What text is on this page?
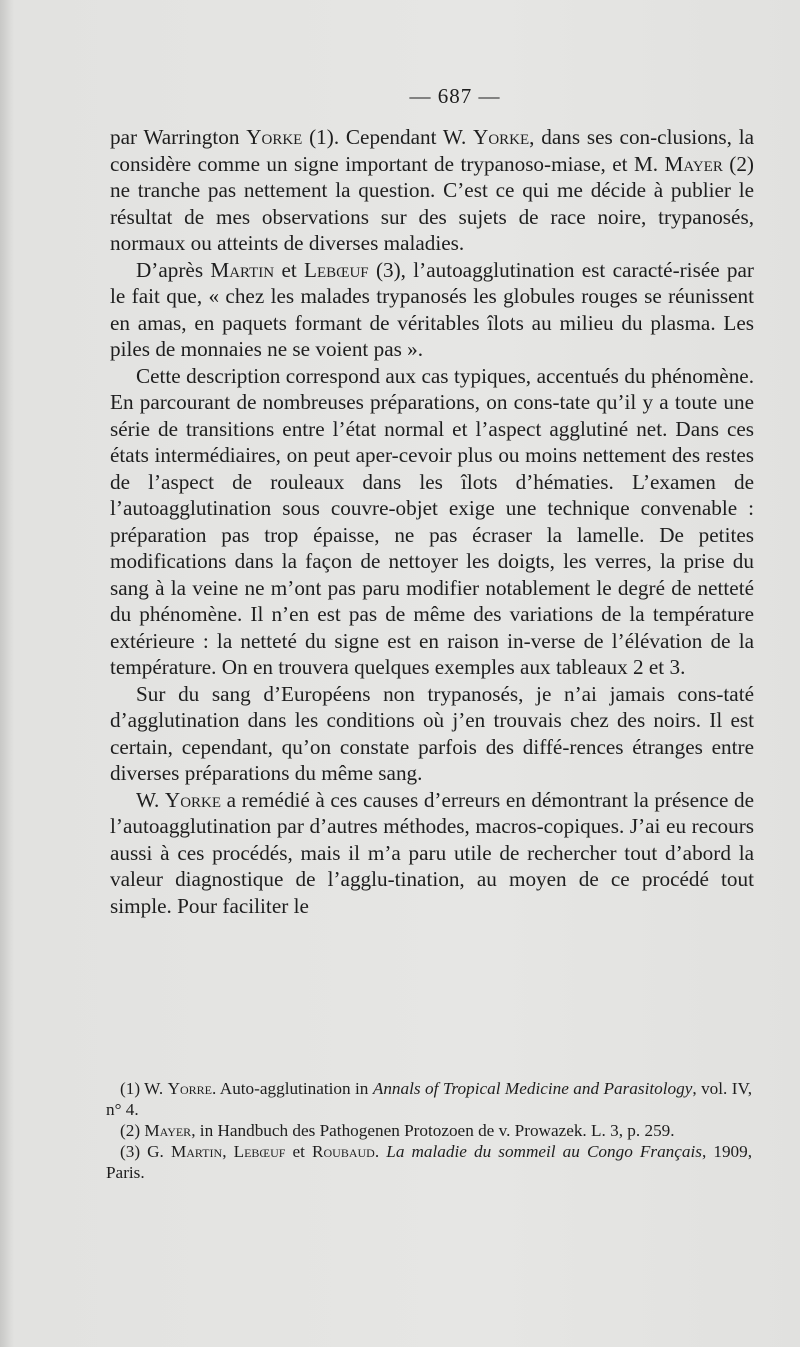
— 687 —

par Warrington Yorke (1). Cependant W. Yorke, dans ses con-clusions, la considère comme un signe important de trypanoso-miase, et M. Mayer (2) ne tranche pas nettement la question. C’est ce qui me décide à publier le résultat de mes observations sur des sujets de race noire, trypanosés, normaux ou atteints de diverses maladies.

D’après Martin et Lebœuf (3), l’autoagglutination est caracté-risée par le fait que, « chez les malades trypanosés les globules rouges se réunissent en amas, en paquets formant de véritables îlots au milieu du plasma. Les piles de monnaies ne se voient pas ».

Cette description correspond aux cas typiques, accentués du phénomène. En parcourant de nombreuses préparations, on cons-tate qu’il y a toute une série de transitions entre l’état normal et l’aspect agglutiné net. Dans ces états intermédiaires, on peut aper-cevoir plus ou moins nettement des restes de l’aspect de rouleaux dans les îlots d’hématies. L’examen de l’autoagglutination sous couvre-objet exige une technique convenable : préparation pas trop épaisse, ne pas écraser la lamelle. De petites modifications dans la façon de nettoyer les doigts, les verres, la prise du sang à la veine ne m’ont pas paru modifier notablement le degré de netteté du phénomène. Il n’en est pas de même des variations de la température extérieure : la netteté du signe est en raison in-verse de l’élévation de la température. On en trouvera quelques exemples aux tableaux 2 et 3.

Sur du sang d’Européens non trypanosés, je n’ai jamais cons-taté d’agglutination dans les conditions où j’en trouvais chez des noirs. Il est certain, cependant, qu’on constate parfois des diffé-rences étranges entre diverses préparations du même sang.

W. Yorke a remédié à ces causes d’erreurs en démontrant la présence de l’autoagglutination par d’autres méthodes, macros-copiques. J’ai eu recours aussi à ces procédés, mais il m’a paru utile de rechercher tout d’abord la valeur diagnostique de l’agglu-tination, au moyen de ce procédé tout simple. Pour faciliter le

(1) W. Yorre. Auto-agglutination in Annals of Tropical Medicine and Parasitology, vol. IV, n° 4.

(2) Mayer, in Handbuch des Pathogenen Protozoen de v. Prowazek. L. 3, p. 259.

(3) G. Martin, Lebœuf et Roubaud. La maladie du sommeil au Congo Français, 1909, Paris.
